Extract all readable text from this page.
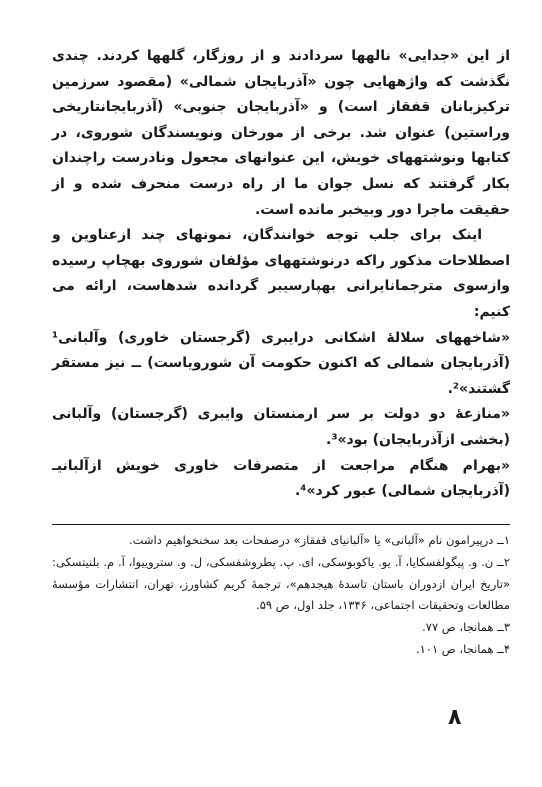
از این «جدایی» نالهها سردادند و از روزگار، گلهها کردند. چندی نگذشت که واژههایی چون «آذربایجان شمالی» (مقصود سرزمین ترکیزبانان قفقاز است) و «آذربایجان جنوبی» (آذربایجانتاریخی وراستین) عنوان شد. برخی از مورخان ونویسندگان شوروی، در کتابها ونوشتههای خویش، این عنوانهای مجعول ونادرست راچندان بکار گرفتند که نسل جوان ما از راه درست منحرف شده و از حقیقت ماجرا دور وبیخبر مانده است.

اینک برای جلب توجه خوانندگان، نمونهای چند ازعناوین و اصطلاحات مذکور راکه درنوشتههای مؤلفان شوروی بهچاپ رسیده وازسوی مترجمانایرانی بهپارسیبر گردانده شدهاست، ارائه می کنیم:

«شاخههای سلالهٔ اشکانی درایبری (گرجستان خاوری) وآلبانی¹ (آذربایجان شمالی که اکنون حکومت آن شورویاست) ــ نیز مستقر گشتند»².

«منازعهٔ دو دولت بر سر ارمنستان وایبری (گرجستان) وآلبانی (بخشی ازآذربایجان) بود»³.

«بهرام هنگام مراجعت از متصرفات خاوری خویش ازآلبانیـ (آذربایجان شمالی) عبور کرد»⁴.

۱ــ درپیرامون نام «آلبانی» یا «آلبانیای قفقاز» درصفحات بعد سخنخواهیم داشت.

۲ــ ن. و. پیگولفسکایا، آ. یو. یاکوبوسکی، ای. پ. پطروشفسکی، ل. و. ستروییوا، آ. م. بلنیتسکی: «تاریخ ایران ازدوران باستان تاسدهٔ هیجدهم»، ترجمهٔ کریم کشاورز، تهران، انتشارات مؤسسهٔ مطالعات وتحقیقات اجتماعی، ۱۳۴۶، جلد اول، ص ۵۹.

۳ــ همانجا، ص ۷۷.

۴ــ همانجا، ص ۱۰۱.

۸
